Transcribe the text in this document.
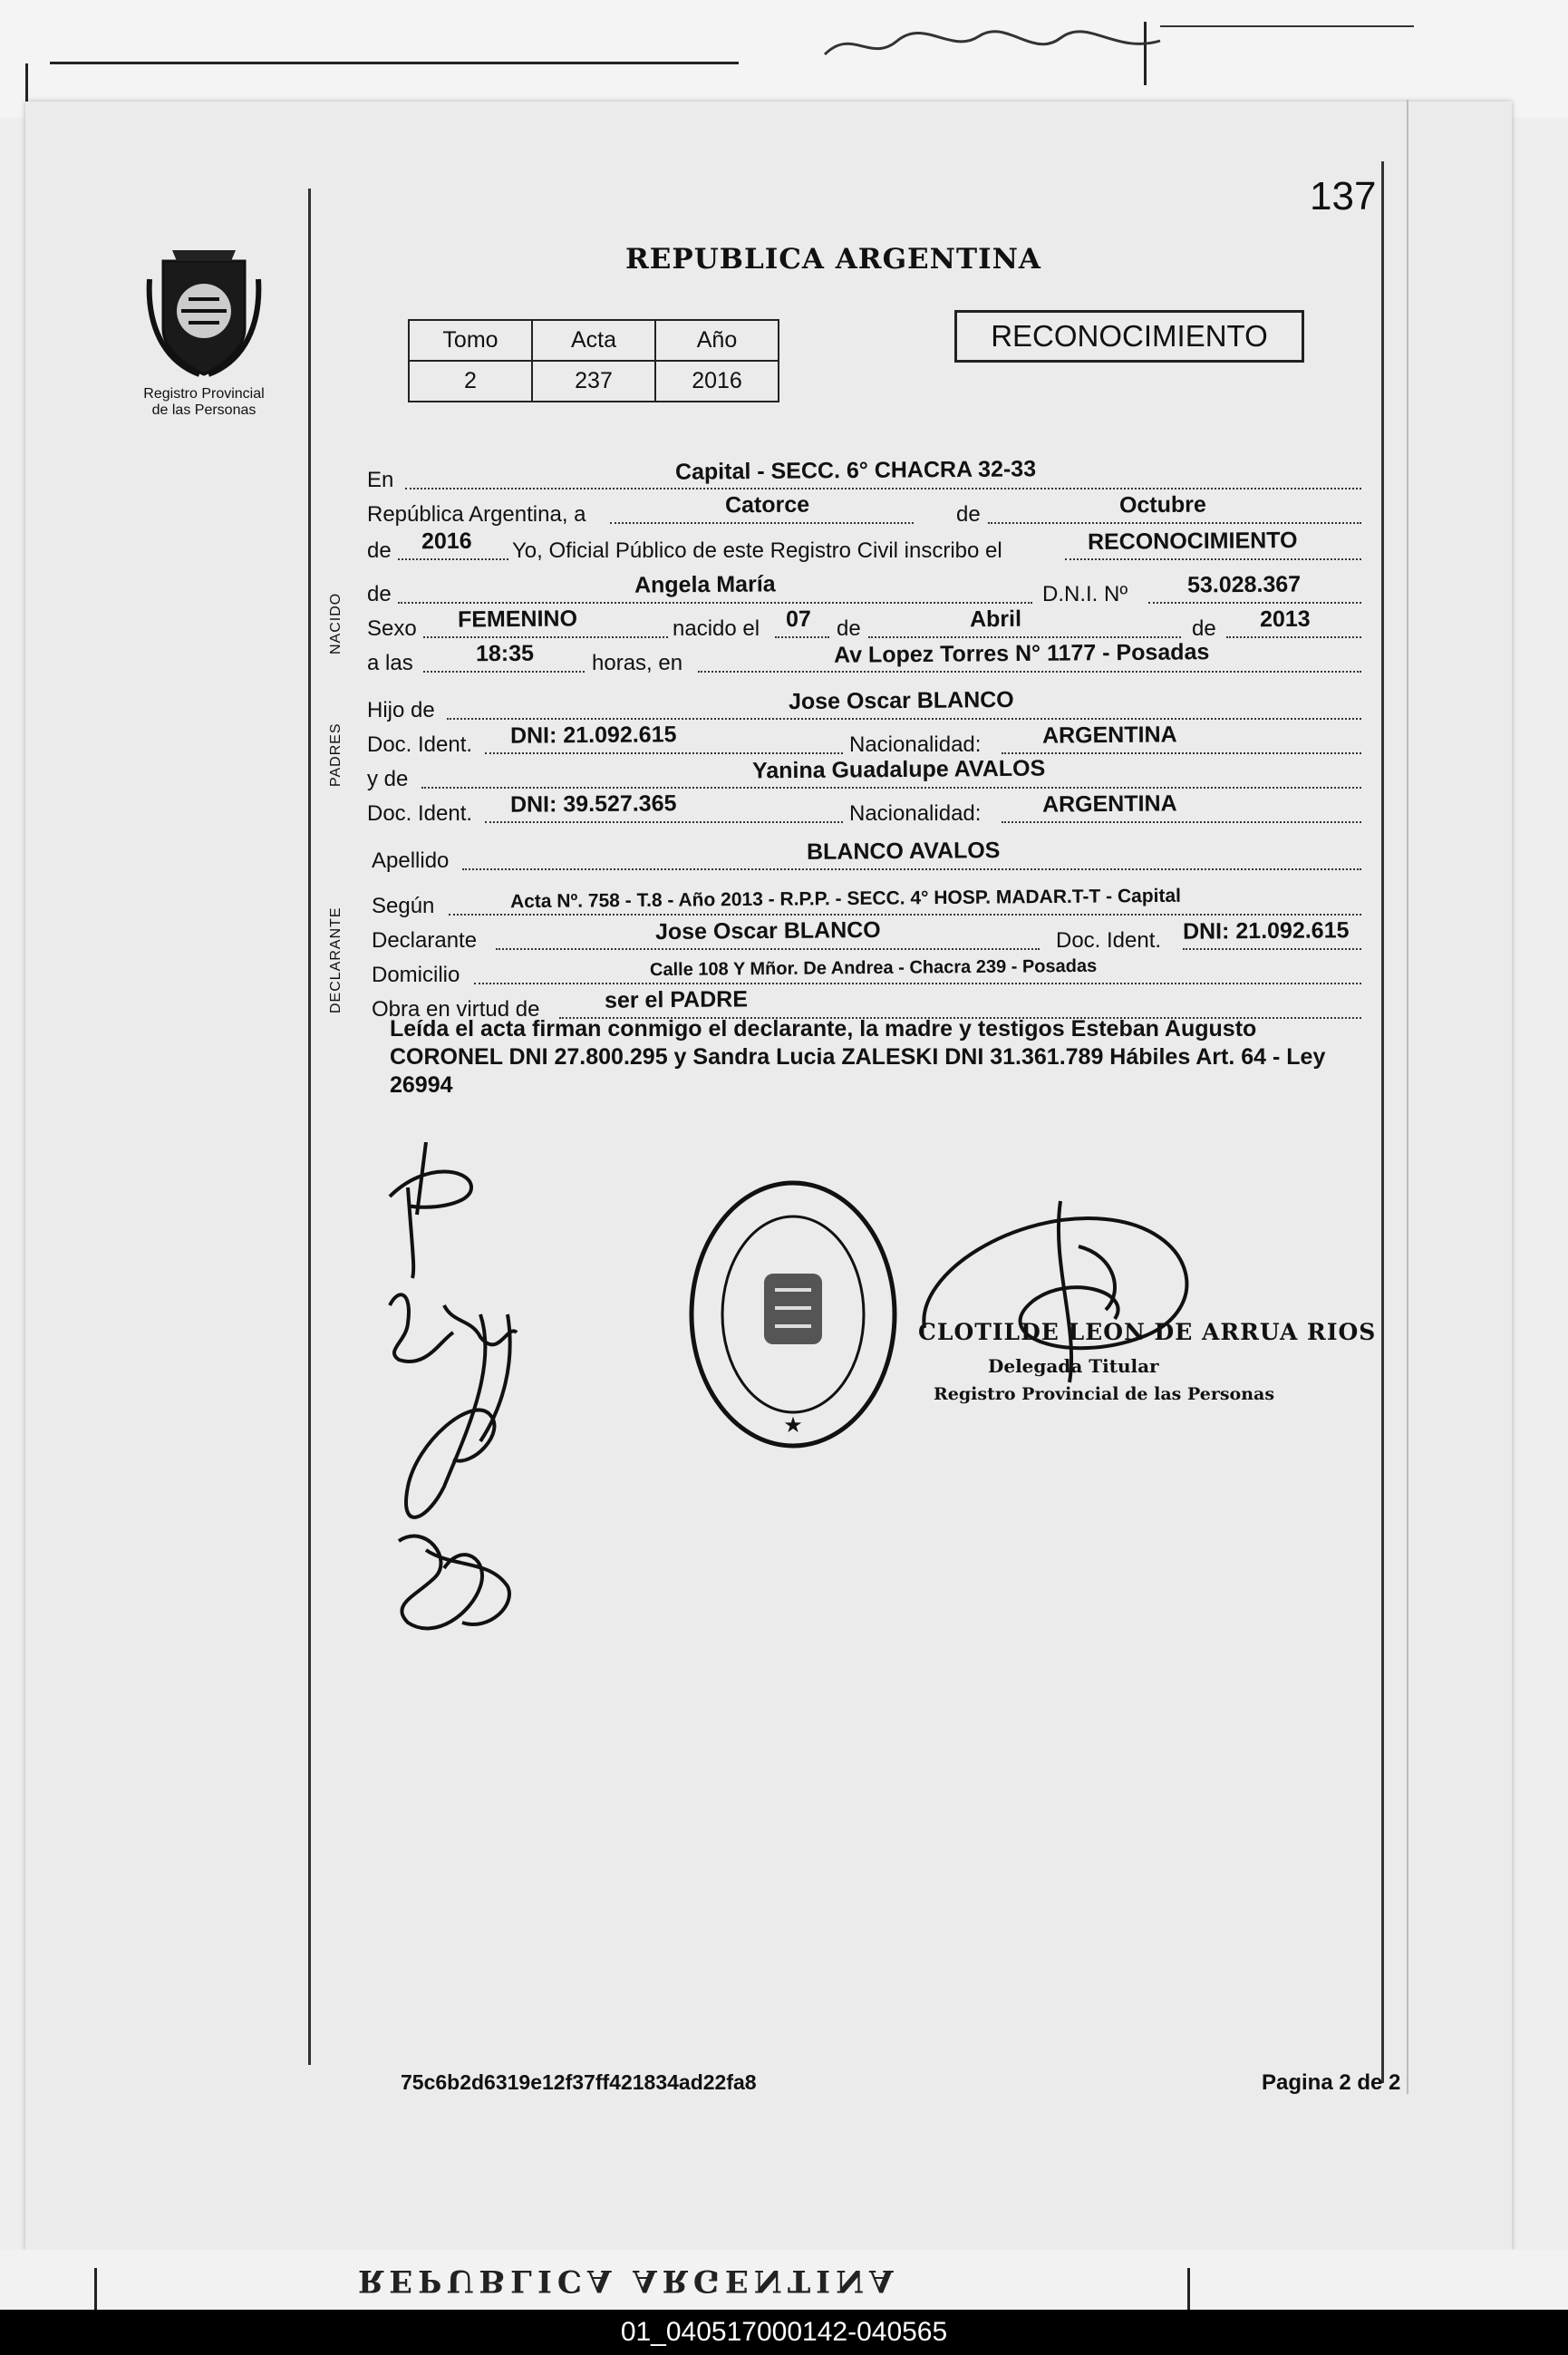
137
Registro Provincial
de las Personas
REPUBLICA ARGENTINA
Tomo	Acta	Año
2	237	2016
RECONOCIMIENTO
NACIDO
PADRES
DECLARANTE
En	Capital - SECC. 6° CHACRA 32-33
República Argentina, a	Catorce	de	Octubre
de 2016 Yo, Oficial Público de este Registro Civil inscribo el	RECONOCIMIENTO
de	Angela María	D.N.I. Nº	53.028.367
Sexo FEMENINO	nacido el 07 de	Abril	de 2013
a las	18:35	horas, en	Av Lopez Torres N° 1177 - Posadas
Hijo de	Jose Oscar BLANCO
Doc. Ident. DNI: 21.092.615	Nacionalidad:	ARGENTINA
y de	Yanina Guadalupe AVALOS
Doc. Ident. DNI: 39.527.365	Nacionalidad:	ARGENTINA
Apellido	BLANCO AVALOS
Según	Acta Nº. 758 - T.8 - Año 2013 - R.P.P. - SECC. 4° HOSP. MADAR.T-T - Capital
Declarante	Jose Oscar BLANCO	Doc. Ident. DNI: 21.092.615
Domicilio	Calle 108 Y Mñor. De Andrea - Chacra 239 - Posadas
Obra en virtud de	ser el PADRE
Leída el acta firman conmigo el declarante, la madre y testigos Esteban Augusto CORONEL DNI 27.800.295 y Sandra Lucia ZALESKI DNI 31.361.789 Hábiles Art. 64 - Ley 26994
★
CLOTILDE LEON DE ARRUA RIOS
Delegada Titular
Registro Provincial de las Personas
75c6b2d6319e12f37ff421834ad22fa8	Pagina 2 de 2
REPUBLICA ARGENTINA
01_040517000142-040565
